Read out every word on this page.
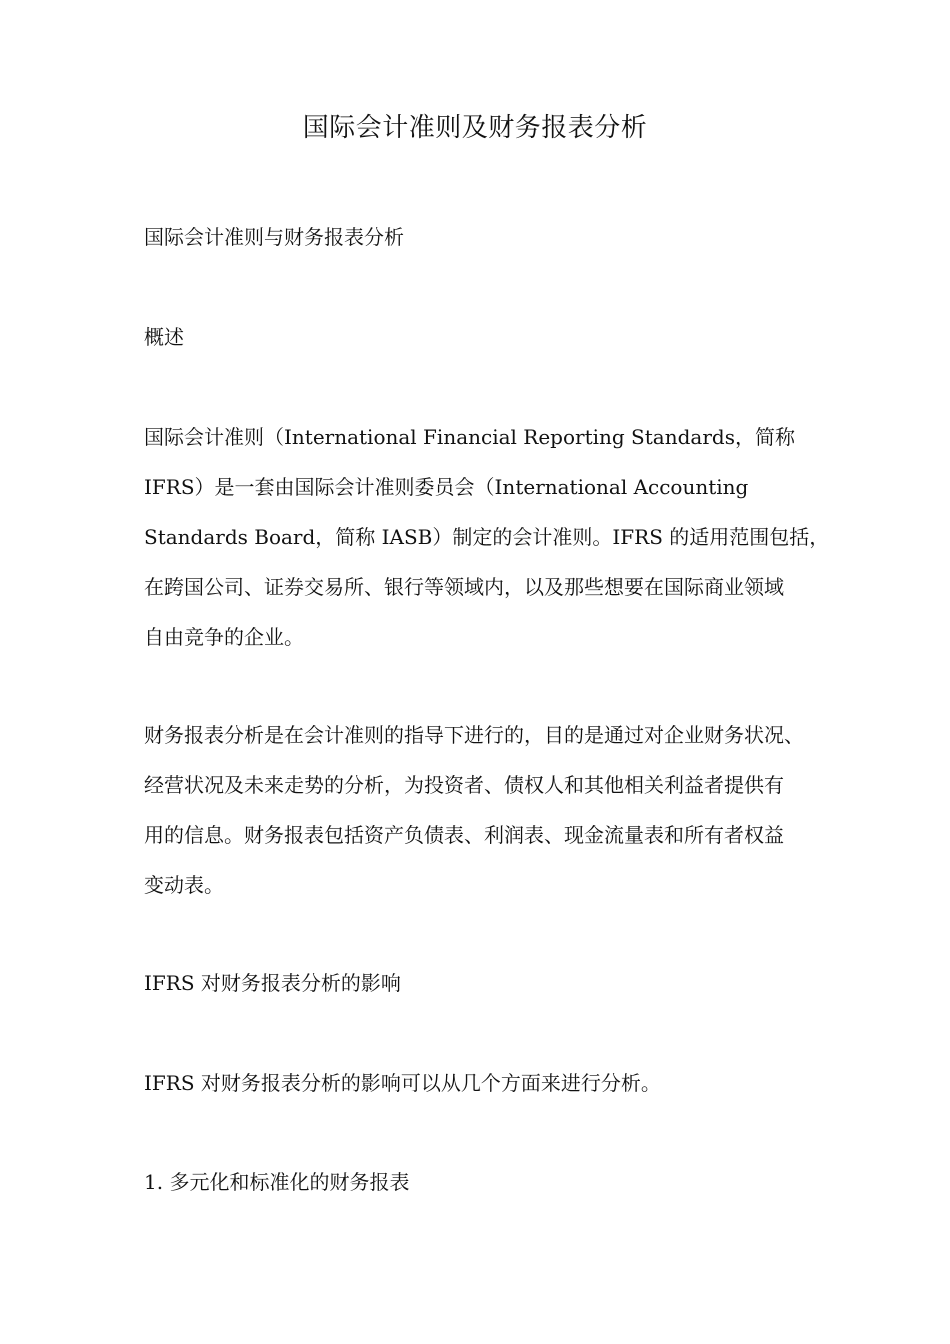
国际会计准则及财务报表分析

国际会计准则与财务报表分析

概述

国际会计准则（International Financial Reporting Standards，简称
IFRS）是一套由国际会计准则委员会（International Accounting
Standards Board，简称 IASB）制定的会计准则。IFRS 的适用范围包括，
在跨国公司、证券交易所、银行等领域内，以及那些想要在国际商业领域
自由竞争的企业。
财务报表分析是在会计准则的指导下进行的，目的是通过对企业财务状况、
经营状况及未来走势的分析，为投资者、债权人和其他相关利益者提供有
用的信息。财务报表包括资产负债表、利润表、现金流量表和所有者权益
变动表。

IFRS 对财务报表分析的影响

IFRS 对财务报表分析的影响可以从几个方面来进行分析。

1. 多元化和标准化的财务报表
